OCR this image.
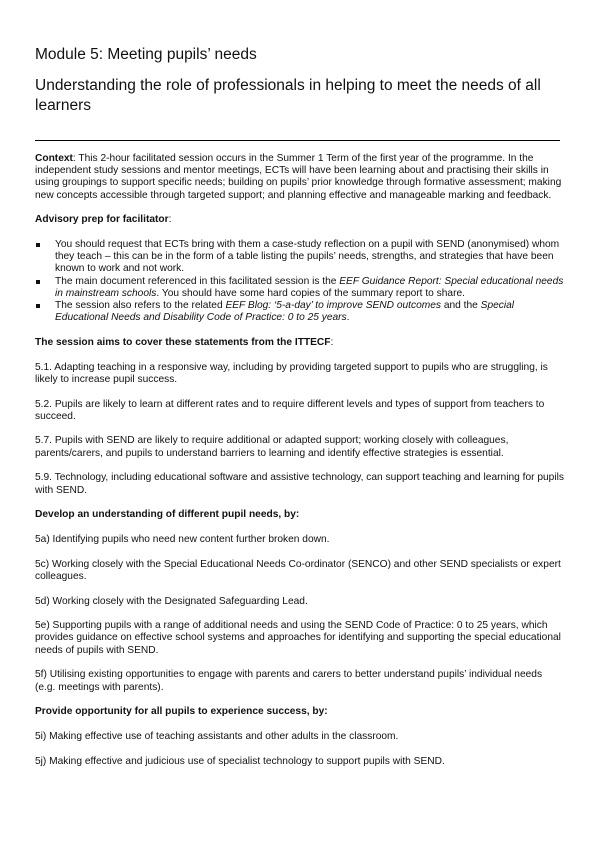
Module 5: Meeting pupils’ needs
Understanding the role of professionals in helping to meet the needs of all learners

Context: This 2-hour facilitated session occurs in the Summer 1 Term of the first year of the programme. In the independent study sessions and mentor meetings, ECTs will have been learning about and practising their skills in using groupings to support specific needs; building on pupils’ prior knowledge through formative assessment; making new concepts accessible through targeted support; and planning effective and manageable marking and feedback.

Advisory prep for facilitator:

You should request that ECTs bring with them a case-study reflection on a pupil with SEND (anonymised) whom they teach – this can be in the form of a table listing the pupils’ needs, strengths, and strategies that have been known to work and not work.
The main document referenced in this facilitated session is the EEF Guidance Report: Special educational needs in mainstream schools. You should have some hard copies of the summary report to share.
The session also refers to the related EEF Blog: ‘5-a-day’ to improve SEND outcomes and the Special Educational Needs and Disability Code of Practice: 0 to 25 years.

The session aims to cover these statements from the ITTECF:

5.1. Adapting teaching in a responsive way, including by providing targeted support to pupils who are struggling, is likely to increase pupil success.

5.2. Pupils are likely to learn at different rates and to require different levels and types of support from teachers to succeed.

5.7. Pupils with SEND are likely to require additional or adapted support; working closely with colleagues, parents/carers, and pupils to understand barriers to learning and identify effective strategies is essential.

5.9. Technology, including educational software and assistive technology, can support teaching and learning for pupils with SEND.

Develop an understanding of different pupil needs, by:

5a) Identifying pupils who need new content further broken down.

5c) Working closely with the Special Educational Needs Co-ordinator (SENCO) and other SEND specialists or expert colleagues.

5d) Working closely with the Designated Safeguarding Lead.

5e) Supporting pupils with a range of additional needs and using the SEND Code of Practice: 0 to 25 years, which provides guidance on effective school systems and approaches for identifying and supporting the special educational needs of pupils with SEND.

5f) Utilising existing opportunities to engage with parents and carers to better understand pupils’ individual needs (e.g. meetings with parents).

Provide opportunity for all pupils to experience success, by:

5i) Making effective use of teaching assistants and other adults in the classroom.

5j) Making effective and judicious use of specialist technology to support pupils with SEND.
